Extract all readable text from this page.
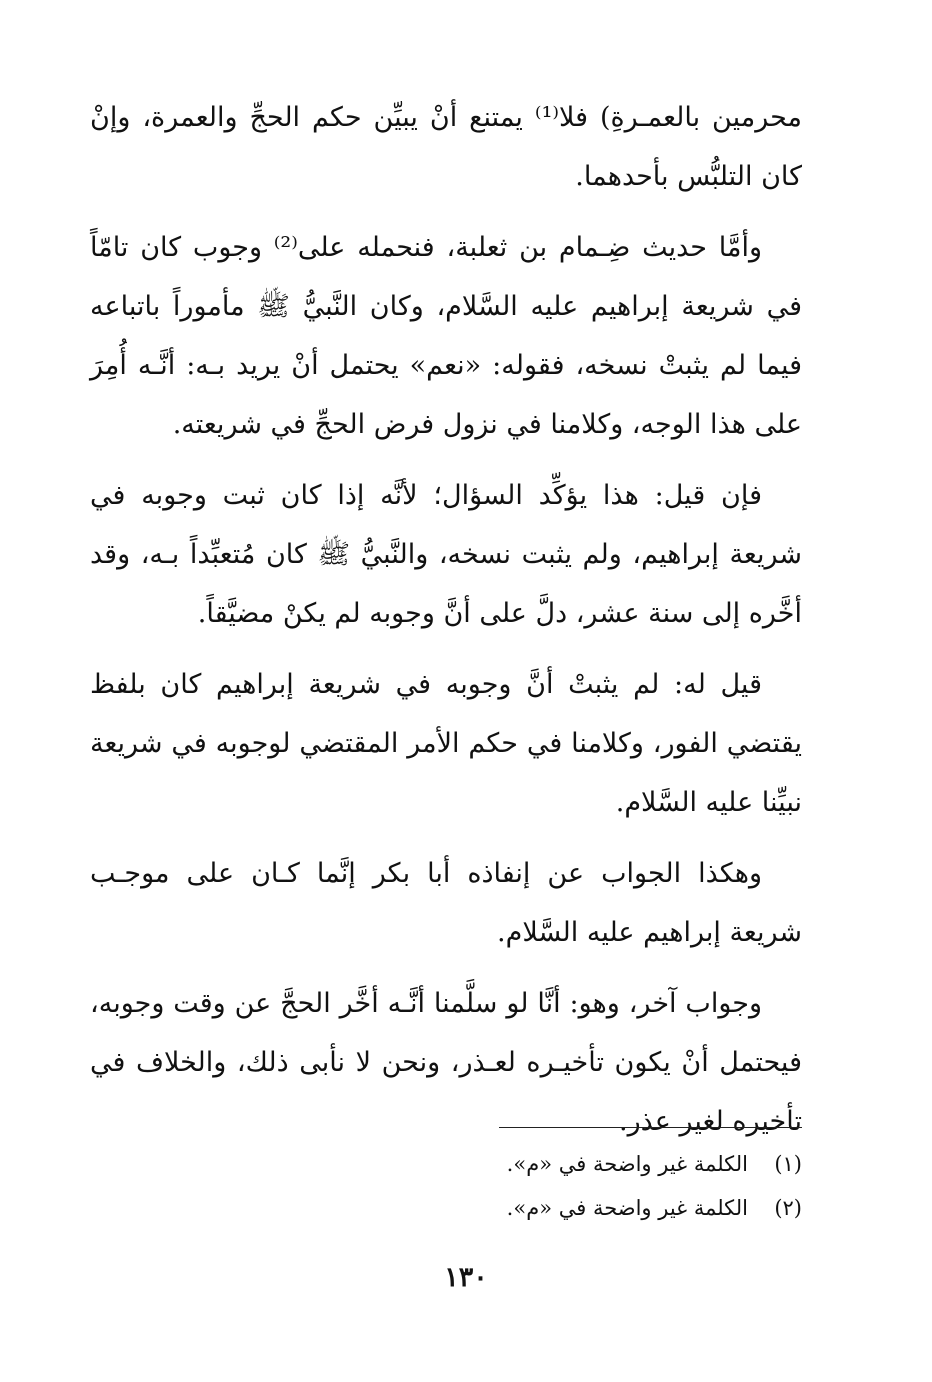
محرمين بالعمـرةِ) فلا⁽¹⁾ يمتنع أنْ يبيِّن حكم الحجِّ والعمرة، وإنْ كان التلبُّس بأحدهما.

وأمَّا حديث ضِـمام بن ثعلبة، فنحمله على⁽²⁾ وجوب كان تامّاً في شريعة إبراهيم عليه السَّلام، وكان النَّبيُّ ﷺ مأموراً باتباعه فيما لم يثبتْ نسخه، فقوله: «نعم» يحتمل أنْ يريد بـه: أنَّـه أُمِرَ على هذا الوجه، وكلامنا في نزول فرض الحجِّ في شريعته.

فإن قيل: هذا يؤكِّد السؤال؛ لأنَّه إذا كان ثبت وجوبه في شريعة إبراهيم، ولم يثبت نسخه، والنَّبيُّ ﷺ كان مُتعبِّداً بـه، وقد أخَّره إلى سنة عشر، دلَّ على أنَّ وجوبه لم يكنْ مضيَّقاً.

قيل له: لم يثبتْ أنَّ وجوبه في شريعة إبراهيم كان بلفظ يقتضي الفور، وكلامنا في حكم الأمر المقتضي لوجوبه في شريعة نبيِّنا عليه السَّلام.

وهكذا الجواب عن إنفاذه أبا بكر إنَّما كـان على موجـب شريعة إبراهيم عليه السَّلام.

وجواب آخر، وهو: أنَّا لو سلَّمنا أنَّـه أخَّر الحجَّ عن وقت وجوبه، فيحتمل أنْ يكون تأخيـره لعـذر، ونحن لا نأبى ذلك، والخلاف في تأخيره لغير عذر.

(١)الكلمة غير واضحة في «م».

(٢)الكلمة غير واضحة في «م».

١٣٠
